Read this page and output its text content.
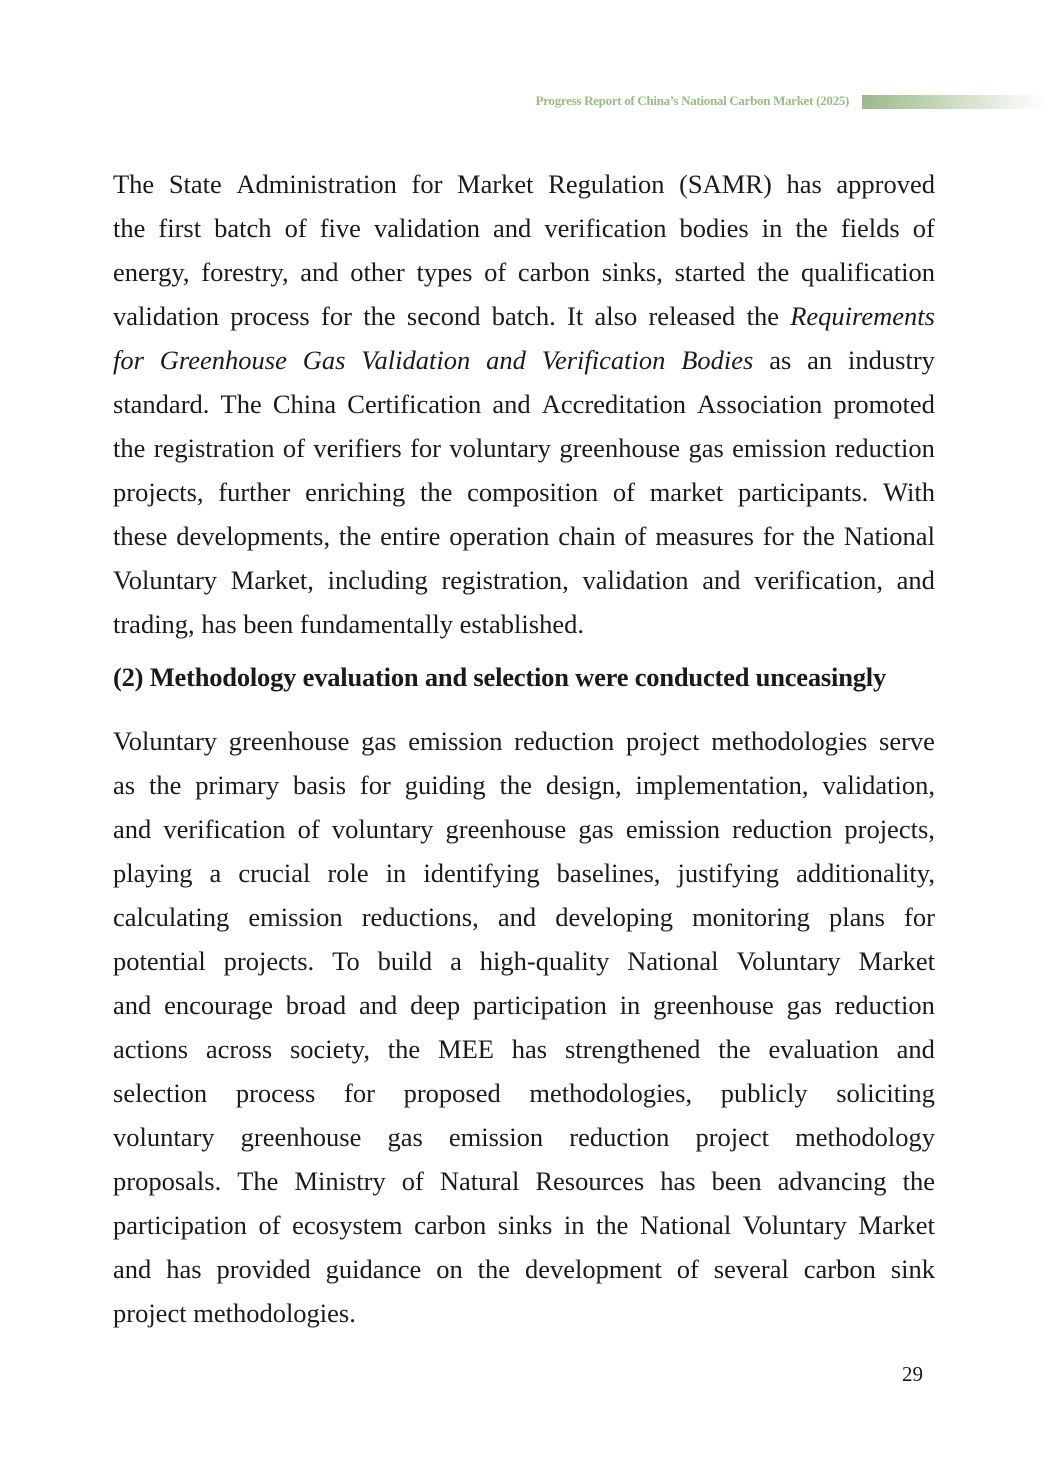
Progress Report of China’s National Carbon Market (2025)
The State Administration for Market Regulation (SAMR) has approved
the first batch of five validation and verification bodies in the fields of
energy, forestry, and other types of carbon sinks, started the qualification
validation process for the second batch. It also released the Requirements
for Greenhouse Gas Validation and Verification Bodies as an industry
standard. The China Certification and Accreditation Association promoted
the registration of verifiers for voluntary greenhouse gas emission reduction
projects, further enriching the composition of market participants. With
these developments, the entire operation chain of measures for the National
Voluntary Market, including registration, validation and verification, and
trading, has been fundamentally established.
(2) Methodology evaluation and selection were conducted unceasingly
Voluntary greenhouse gas emission reduction project methodologies serve
as the primary basis for guiding the design, implementation, validation,
and verification of voluntary greenhouse gas emission reduction projects,
playing a crucial role in identifying baselines, justifying additionality,
calculating emission reductions, and developing monitoring plans for
potential projects. To build a high-quality National Voluntary Market
and encourage broad and deep participation in greenhouse gas reduction
actions across society, the MEE has strengthened the evaluation and
selection process for proposed methodologies, publicly soliciting
voluntary greenhouse gas emission reduction project methodology
proposals. The Ministry of Natural Resources has been advancing the
participation of ecosystem carbon sinks in the National Voluntary Market
and has provided guidance on the development of several carbon sink
project methodologies.
29
